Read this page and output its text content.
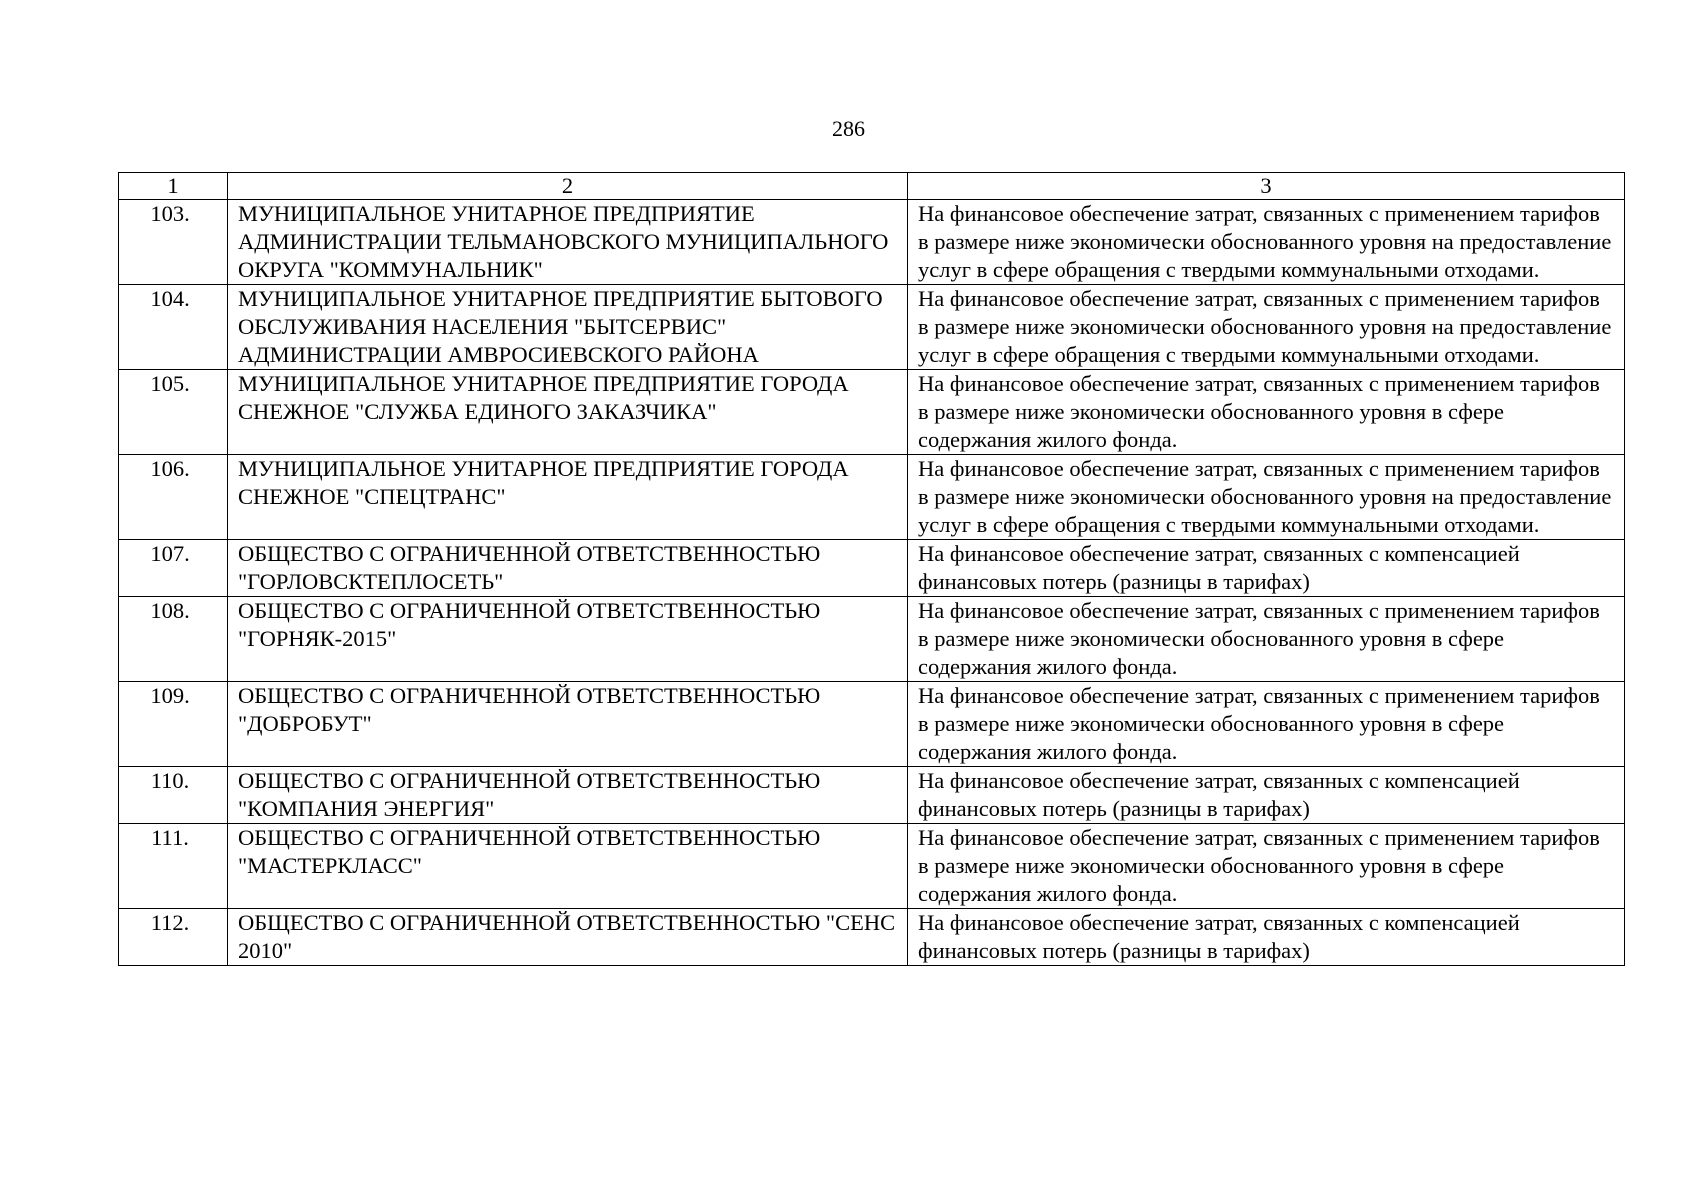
286
1	2	3
103.	МУНИЦИПАЛЬНОЕ УНИТАРНОЕ ПРЕДПРИЯТИЕ АДМИНИСТРАЦИИ ТЕЛЬМАНОВСКОГО МУНИЦИПАЛЬНОГО ОКРУГА "КОММУНАЛЬНИК"	На финансовое обеспечение затрат, связанных с применением тарифов в размере ниже экономически обоснованного уровня на предоставление услуг в сфере обращения с твердыми коммунальными отходами.
104.	МУНИЦИПАЛЬНОЕ УНИТАРНОЕ ПРЕДПРИЯТИЕ БЫТОВОГО ОБСЛУЖИВАНИЯ НАСЕЛЕНИЯ "БЫТСЕРВИС" АДМИНИСТРАЦИИ АМВРОСИЕВСКОГО РАЙОНА	На финансовое обеспечение затрат, связанных с применением тарифов в размере ниже экономически обоснованного уровня на предоставление услуг в сфере обращения с твердыми коммунальными отходами.
105.	МУНИЦИПАЛЬНОЕ УНИТАРНОЕ ПРЕДПРИЯТИЕ ГОРОДА СНЕЖНОЕ "СЛУЖБА ЕДИНОГО ЗАКАЗЧИКА"	На финансовое обеспечение затрат, связанных с применением тарифов в размере ниже экономически обоснованного уровня в сфере содержания жилого фонда.
106.	МУНИЦИПАЛЬНОЕ УНИТАРНОЕ ПРЕДПРИЯТИЕ ГОРОДА СНЕЖНОЕ "СПЕЦТРАНС"	На финансовое обеспечение затрат, связанных с применением тарифов в размере ниже экономически обоснованного уровня на предоставление услуг в сфере обращения с твердыми коммунальными отходами.
107.	ОБЩЕСТВО С ОГРАНИЧЕННОЙ ОТВЕТСТВЕННОСТЬЮ "ГОРЛОВСКТЕПЛОСЕТЬ"	На финансовое обеспечение затрат, связанных с компенсацией финансовых потерь (разницы в тарифах)
108.	ОБЩЕСТВО С ОГРАНИЧЕННОЙ ОТВЕТСТВЕННОСТЬЮ "ГОРНЯК-2015"	На финансовое обеспечение затрат, связанных с применением тарифов в размере ниже экономически обоснованного уровня в сфере содержания жилого фонда.
109.	ОБЩЕСТВО С ОГРАНИЧЕННОЙ ОТВЕТСТВЕННОСТЬЮ "ДОБРОБУТ"	На финансовое обеспечение затрат, связанных с применением тарифов в размере ниже экономически обоснованного уровня в сфере содержания жилого фонда.
110.	ОБЩЕСТВО С ОГРАНИЧЕННОЙ ОТВЕТСТВЕННОСТЬЮ "КОМПАНИЯ ЭНЕРГИЯ"	На финансовое обеспечение затрат, связанных с компенсацией финансовых потерь (разницы в тарифах)
111.	ОБЩЕСТВО С ОГРАНИЧЕННОЙ ОТВЕТСТВЕННОСТЬЮ "МАСТЕРКЛАСС"	На финансовое обеспечение затрат, связанных с применением тарифов в размере ниже экономически обоснованного уровня в сфере содержания жилого фонда.
112.	ОБЩЕСТВО С ОГРАНИЧЕННОЙ ОТВЕТСТВЕННОСТЬЮ "СЕНС 2010"	На финансовое обеспечение затрат, связанных с компенсацией финансовых потерь (разницы в тарифах)
